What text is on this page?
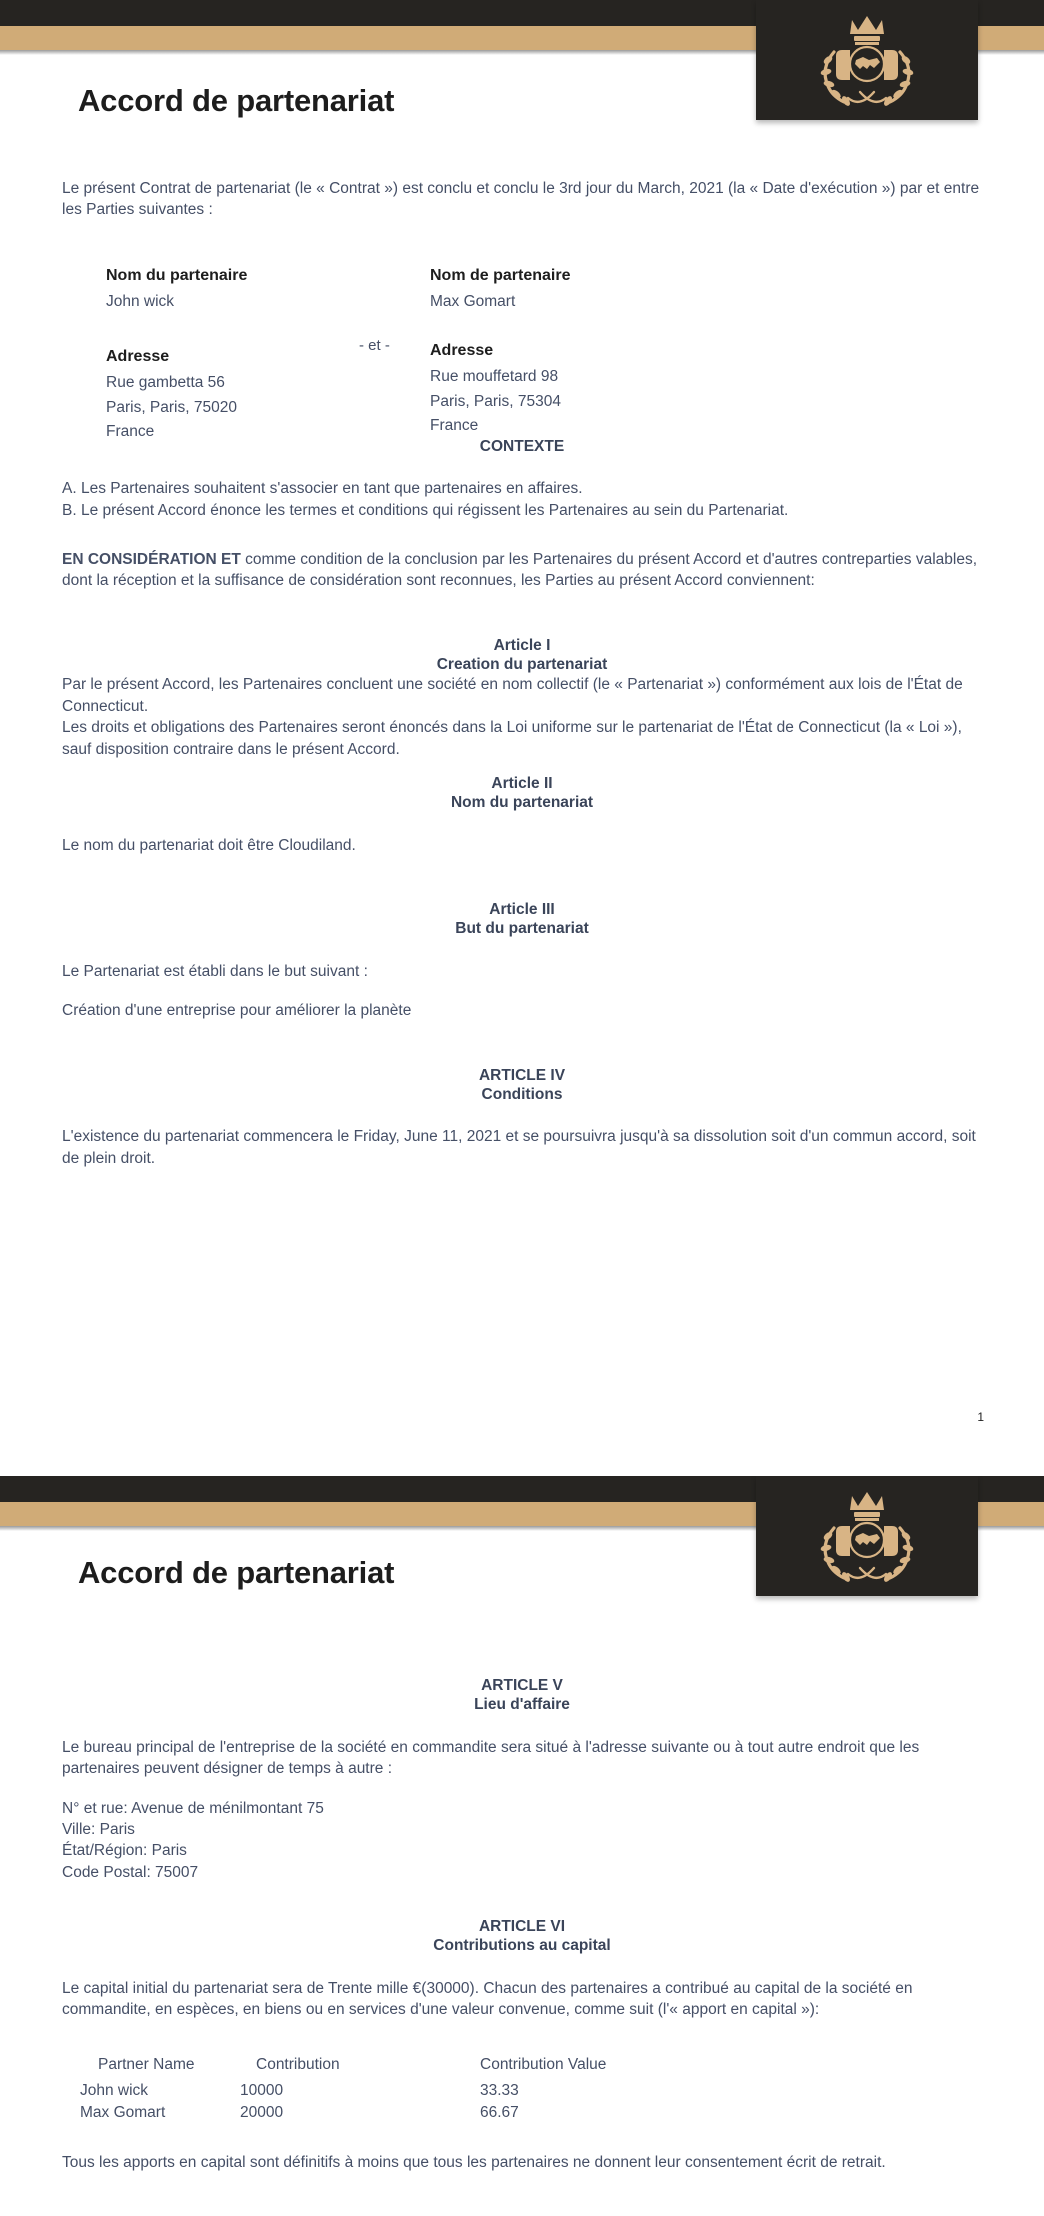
Accord de partenariat

Le présent Contrat de partenariat (le « Contrat ») est conclu et conclu le 3rd jour du March, 2021 (la « Date d'exécution ») par et entre les Parties suivantes :

Nom du partenaire

John wick

Adresse

Rue gambetta 56

Paris, Paris, 75020

France

- et -

Nom de partenaire

Max Gomart

Adresse

Rue mouffetard 98

Paris, Paris, 75304

France

CONTEXTE

A. Les Partenaires souhaitent s'associer en tant que partenaires en affaires.

B. Le présent Accord énonce les termes et conditions qui régissent les Partenaires au sein du Partenariat.

EN CONSIDÉRATION ET comme condition de la conclusion par les Partenaires du présent Accord et d'autres contreparties valables, dont la réception et la suffisance de considération sont reconnues, les Parties au présent Accord conviennent:

Article I
Creation du partenariat

Par le présent Accord, les Partenaires concluent une société en nom collectif (le « Partenariat ») conformément aux lois de l'État de Connecticut.

Les droits et obligations des Partenaires seront énoncés dans la Loi uniforme sur le partenariat de l'État de Connecticut (la « Loi »), sauf disposition contraire dans le présent Accord.

Article II
Nom du partenariat

Le nom du partenariat doit être Cloudiland.

Article III
But du partenariat

Le Partenariat est établi dans le but suivant :

Création d'une entreprise pour améliorer la planète

ARTICLE IV
Conditions

L'existence du partenariat commencera le Friday, June 11, 2021 et se poursuivra jusqu'à sa dissolution soit d'un commun accord, soit de plein droit.

1
Accord de partenariat
ARTICLE V
Lieu d'affaire

Le bureau principal de l'entreprise de la société en commandite sera situé à l'adresse suivante ou à tout autre endroit que les partenaires peuvent désigner de temps à autre :

N° et rue: Avenue de ménilmontant 75

Ville: Paris

État/Région: Paris

Code Postal: 75007

ARTICLE VI
Contributions au capital

Le capital initial du partenariat sera de Trente mille €(30000). Chacun des partenaires a contribué au capital de la société en commandite, en espèces, en biens ou en services d'une valeur convenue, comme suit (l'« apport en capital »):

Partner Name	Contribution	Contribution Value
John wick	10000	33.33
Max Gomart	20000	66.67

Tous les apports en capital sont définitifs à moins que tous les partenaires ne donnent leur consentement écrit de retrait.
